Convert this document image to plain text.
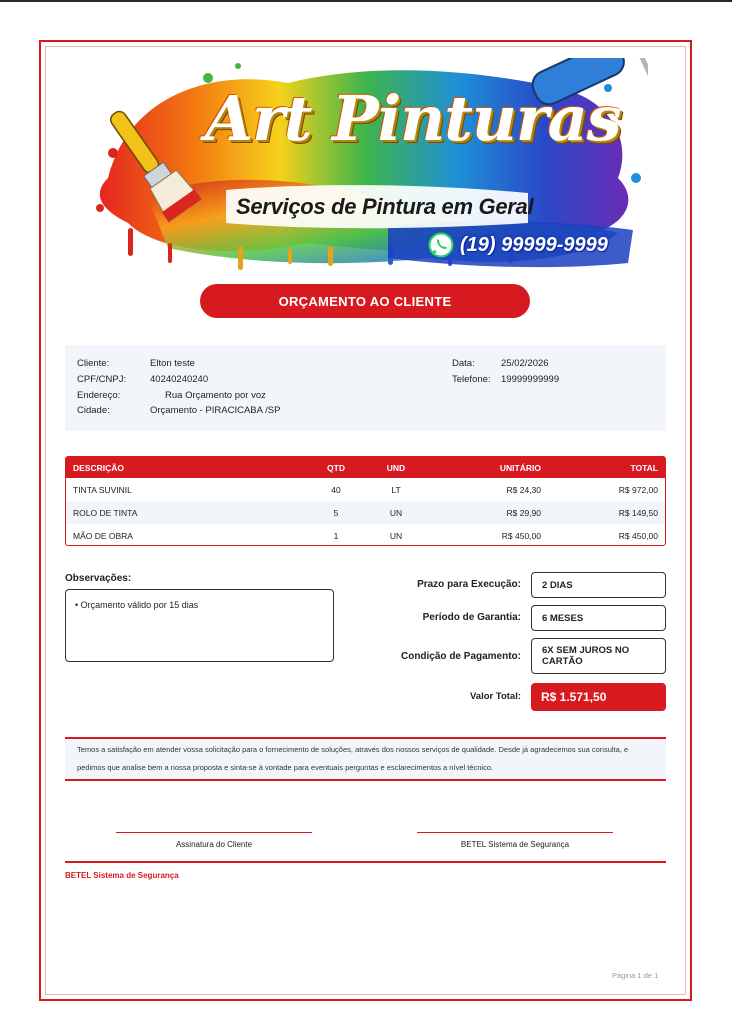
Art Pinturas
Serviços de Pintura em Geral
(19) 99999-9999
ORÇAMENTO AO CLIENTE
Cliente:	Elton teste
CPF/CNPJ:	40240240240
Endereço:	Rua Orçamento por voz
Cidade:	Orçamento - PIRACICABA /SP
Data:	25/02/2026
Telefone: 19999999999
DESCRIÇÃO	QTD	UND	UNITÁRIO	TOTAL
TINTA SUVINIL	40	LT	R$ 24,30	R$ 972,00
ROLO DE TINTA	5	UN	R$ 29,90	R$ 149,50
MÃO DE OBRA	1	UN	R$ 450,00	R$ 450,00
Observações:
• Orçamento válido por 15 dias
Prazo para Execução: 2 DIAS
Período de Garantia: 6 MESES
Condição de Pagamento:
6X SEM JUROS NO CARTÃO
Valor Total: R$ 1.571,50
Temos a satisfação em atender vossa solicitação para o fornecimento de soluções, através dos nossos serviços de qualidade. Desde já agradecemos sua consulta, e pedimos que analise bem a nossa proposta e sinta-se à vontade para eventuais perguntas e esclarecimentos a nível técnico.
Assinatura do Cliente	BETEL Sistema de Segurança
BETEL Sistema de Segurança
Página 1 de 1
